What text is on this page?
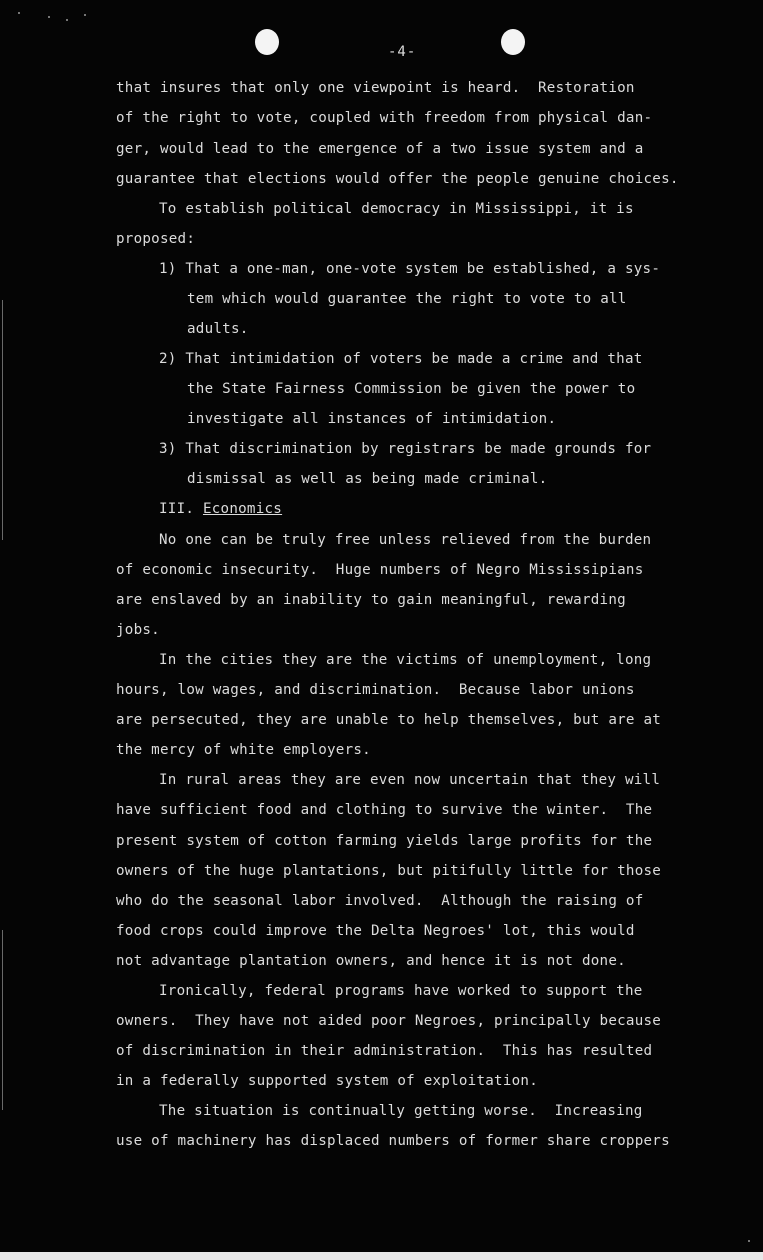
-4-
that insures that only one viewpoint is heard.  Restoration
of the right to vote, coupled with freedom from physical dan-
ger, would lead to the emergence of a two issue system and a
guarantee that elections would offer the people genuine choices.
To establish political democracy in Mississippi, it is
proposed:
1) That a one-man, one-vote system be established, a sys-
tem which would guarantee the right to vote to all
adults.
2) That intimidation of voters be made a crime and that
the State Fairness Commission be given the power to
investigate all instances of intimidation.
3) That discrimination by registrars be made grounds for
dismissal as well as being made criminal.
III. Economics
No one can be truly free unless relieved from the burden
of economic insecurity.  Huge numbers of Negro Mississipians
are enslaved by an inability to gain meaningful, rewarding
jobs.
In the cities they are the victims of unemployment, long
hours, low wages, and discrimination.  Because labor unions
are persecuted, they are unable to help themselves, but are at
the mercy of white employers.
In rural areas they are even now uncertain that they will
have sufficient food and clothing to survive the winter.  The
present system of cotton farming yields large profits for the
owners of the huge plantations, but pitifully little for those
who do the seasonal labor involved.  Although the raising of
food crops could improve the Delta Negroes' lot, this would
not advantage plantation owners, and hence it is not done.
Ironically, federal programs have worked to support the
owners.  They have not aided poor Negroes, principally because
of discrimination in their administration.  This has resulted
in a federally supported system of exploitation.
The situation is continually getting worse.  Increasing
use of machinery has displaced numbers of former share croppers
